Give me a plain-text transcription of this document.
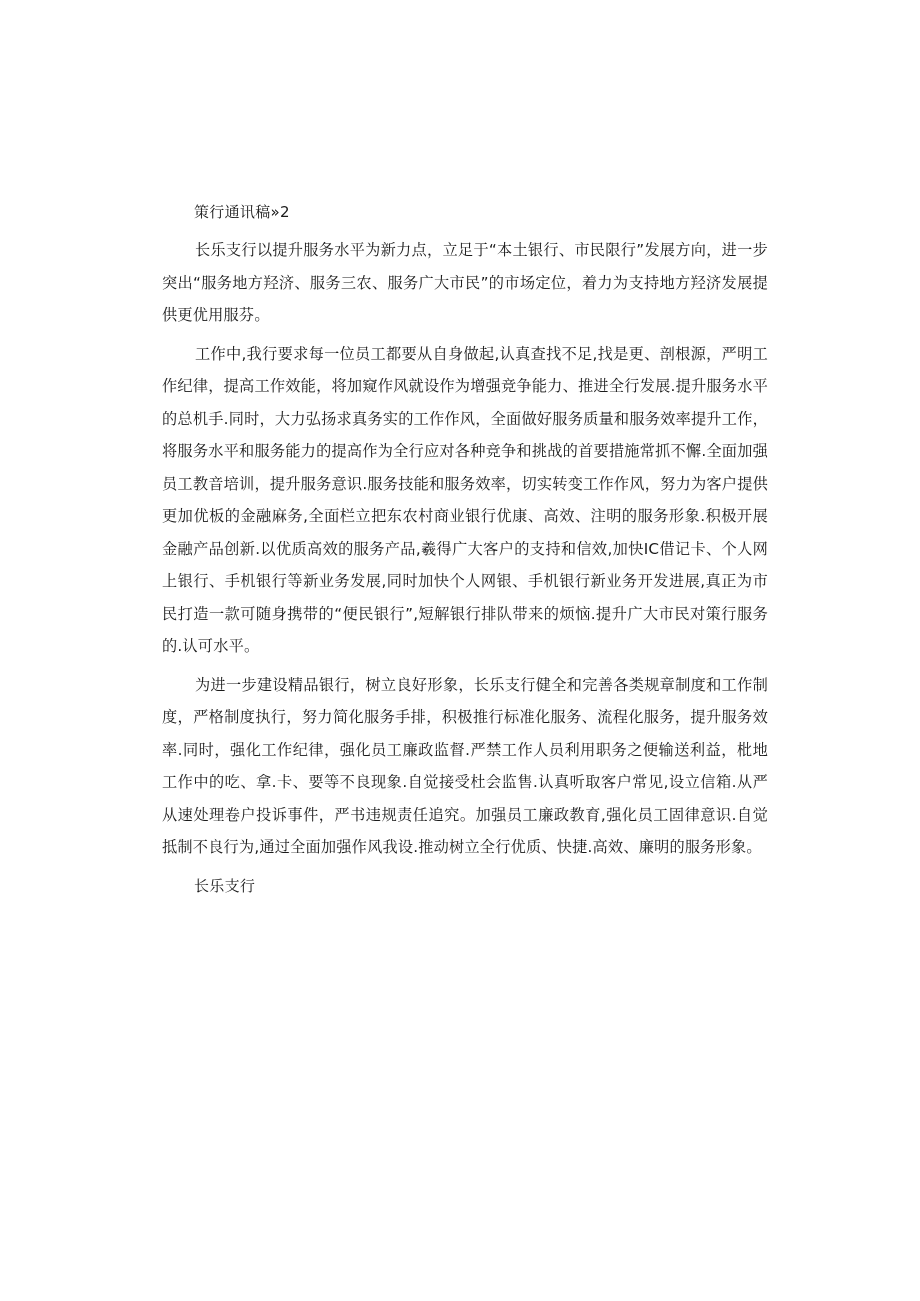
策行通讯稿»2

长乐支行以提升服务水平为新力点，立足于“本土银行、市民限行”发展方向，进一步突出“服务地方羟济、服务三农、服务广大市民”的市场定位，着力为支持地方羟济发展提供更优用服芬。

工作中,我行要求每一位员工都要从自身做起,认真查找不足,找是更、剖根源，严明工作纪律，提高工作效能，将加窥作风就设作为增强竞争能力、推进全行发展.提升服务水平的总机手.同时，大力弘扬求真务实的工作作风，全面做好服务质量和服务效率提升工作，将服务水平和服务能力的提高作为全行应对各种竞争和挑战的首要措施常抓不懈.全面加强员工教音培训，提升服务意识.服务技能和服务效率，切实转变工作作风，努力为客户提供更加优板的金融麻务,全面栏立把东农村商业银行优康、高效、注明的服务形象.积极开展金融产品创新.以优质高效的服务产品,羲得广大客户的支持和信效,加快IC借记卡、个人网上银行、手机银行等新业务发展,同时加快个人网银、手机银行新业务开发进展,真正为市民打造一款可随身携带的“便民银行”,短解银行排队带来的烦恼.提升广大市民对策行服务的.认可水平。

为进一步建设精品银行，树立良好形象，长乐支行健全和完善各类规章制度和工作制度，严格制度执行，努力简化服务手排，积极推行标准化服务、流程化服务，提升服务效率.同时，强化工作纪律，强化员工廉政监督.严禁工作人员利用职务之便输送利益，枇地工作中的吃、拿.卡、要等不良现象.自觉接受杜会监售.认真听取客户常见,设立信箱.从严从速处理卷户投诉事件，严书违规责任追究。加强员工廉政教育,强化员工固律意识.自觉抵制不良行为,通过全面加强作风我设.推动树立全行优质、快捷.高效、廉明的服务形象。

长乐支行
